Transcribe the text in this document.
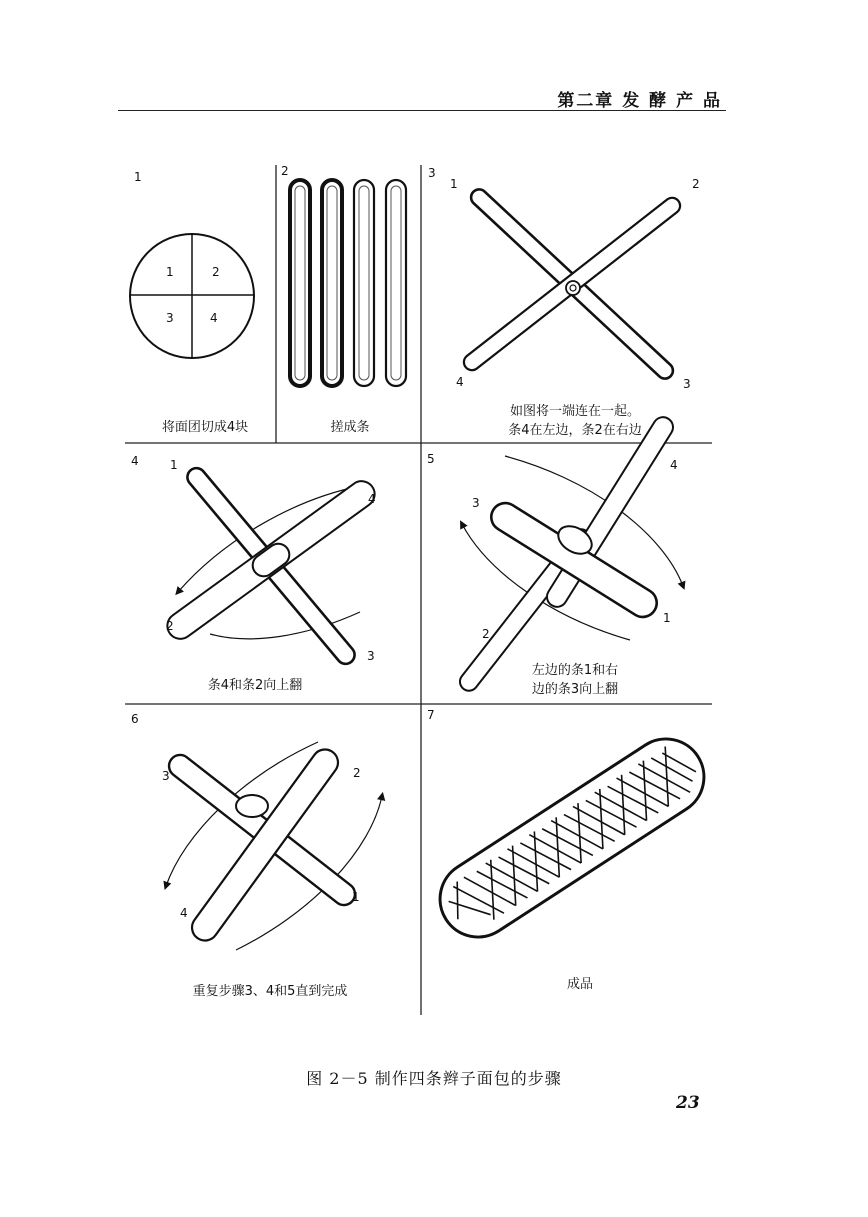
第二章 发 酵 产 品
1	2	3
4	5
6	7
1	2
3	4
1	2
4	3
1
4
2
3
4
3
1
2
3	2
1
4
将面团切成4块	搓成条
如图将一端连在一起。
条4在左边，条2在右边
条4和条2向上翻
左边的条1和右
边的条3向上翻
重复步骤3、4和5直到完成	成品
图 2－5 制作四条辫子面包的步骤
23
